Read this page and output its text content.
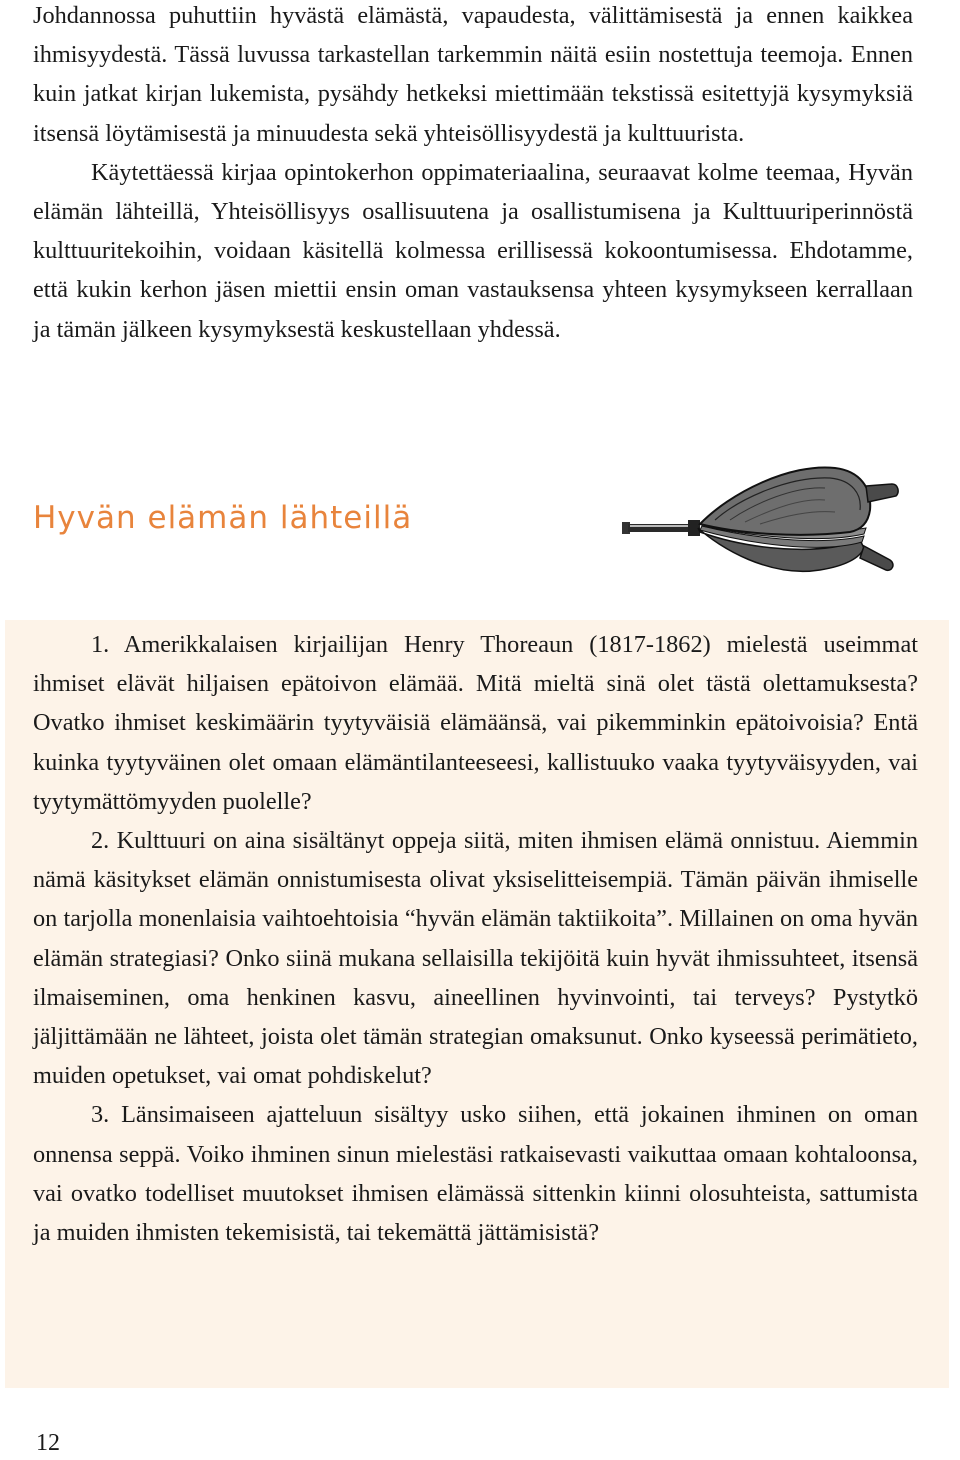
Johdannossa puhuttiin hyvästä elämästä, vapaudesta, välittämisestä ja ennen kaikkea ihmisyydestä. Tässä luvussa tarkastellan tarkemmin näitä esiin nostettuja teemoja. Ennen kuin jatkat kirjan lukemista, pysähdy hetkeksi miettimään tekstissä esitettyjä kysymyksiä itsensä löytämisestä ja minuudesta sekä yhteisöllisyydestä ja kulttuurista.

Käytettäessä kirjaa opintokerhon oppimateriaalina, seuraavat kolme teemaa, Hyvän elämän lähteillä, Yhteisöllisyys osallisuutena ja osallistumisena ja Kulttuuriperinnöstä kulttuuritekoihin, voidaan käsitellä kolmessa erillisessä kokoontumisessa. Ehdotamme, että kukin kerhon jäsen miettii ensin oman vastauksensa yhteen kysymykseen kerrallaan ja tämän jälkeen kysymyksestä keskustellaan yhdessä.

Hyvän elämän lähteillä

1. Amerikkalaisen kirjailijan Henry Thoreaun (1817-1862) mielestä useimmat ihmiset elävät hiljaisen epätoivon elämää. Mitä mieltä sinä olet tästä olettamuksesta? Ovatko ihmiset keskimäärin tyytyväisiä elämäänsä, vai pikemminkin epätoivoisia? Entä kuinka tyytyväinen olet omaan elämäntilanteeseesi, kallistuuko vaaka tyytyväisyyden, vai tyytymättömyyden puolelle?

2. Kulttuuri on aina sisältänyt oppeja siitä, miten ihmisen elämä onnistuu. Aiemmin nämä käsitykset elämän onnistumisesta olivat yksiselitteisempiä. Tämän päivän ihmiselle on tarjolla monenlaisia vaihtoehtoisia “hyvän elämän taktiikoita”. Millainen on oma hyvän elämän strategiasi? Onko siinä mukana sellaisilla tekijöitä kuin hyvät ihmissuhteet, itsensä ilmaiseminen, oma henkinen kasvu, aineellinen hyvinvointi, tai terveys? Pystytkö jäljittämään ne lähteet, joista olet tämän strategian omaksunut. Onko kyseessä perimätieto, muiden opetukset, vai omat pohdiskelut?

3. Länsimaiseen ajatteluun sisältyy usko siihen, että jokainen ihminen on oman onnensa seppä. Voiko ihminen sinun mielestäsi ratkaisevasti vaikuttaa omaan kohtaloonsa, vai ovatko todelliset muutokset ihmisen elämässä sittenkin kiinni olosuhteista, sattumista ja muiden ihmisten tekemisistä, tai tekemättä jättämisistä?

12
